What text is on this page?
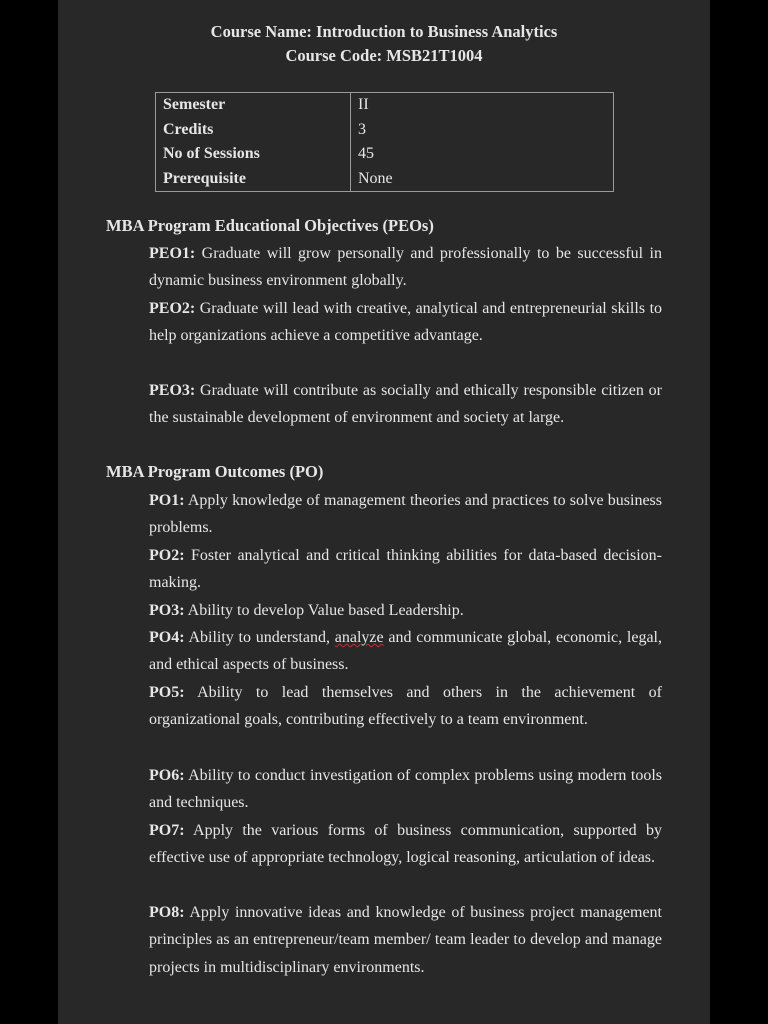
Course Name: Introduction to Business Analytics
Course Code: MSB21T1004
Semester	II
Credits	3
No of Sessions	45
Prerequisite	None
MBA Program Educational Objectives (PEOs)
PEO1: Graduate will grow personally and professionally to be successful in dynamic business environment globally.
PEO2: Graduate will lead with creative, analytical and entrepreneurial skills to help organizations achieve a competitive advantage.
PEO3: Graduate will contribute as socially and ethically responsible citizen or the sustainable development of environment and society at large.
MBA Program Outcomes (PO)
PO1: Apply knowledge of management theories and practices to solve business problems.
PO2: Foster analytical and critical thinking abilities for data-based decision-making.
PO3: Ability to develop Value based Leadership.
PO4: Ability to understand, analyze and communicate global, economic, legal, and ethical aspects of business.
PO5: Ability to lead themselves and others in the achievement of organizational goals, contributing effectively to a team environment.
PO6: Ability to conduct investigation of complex problems using modern tools and techniques.
PO7: Apply the various forms of business communication, supported by effective use of appropriate technology, logical reasoning, articulation of ideas.
PO8: Apply innovative ideas and knowledge of business project management principles as an entrepreneur/team member/ team leader to develop and manage projects in multidisciplinary environments.
